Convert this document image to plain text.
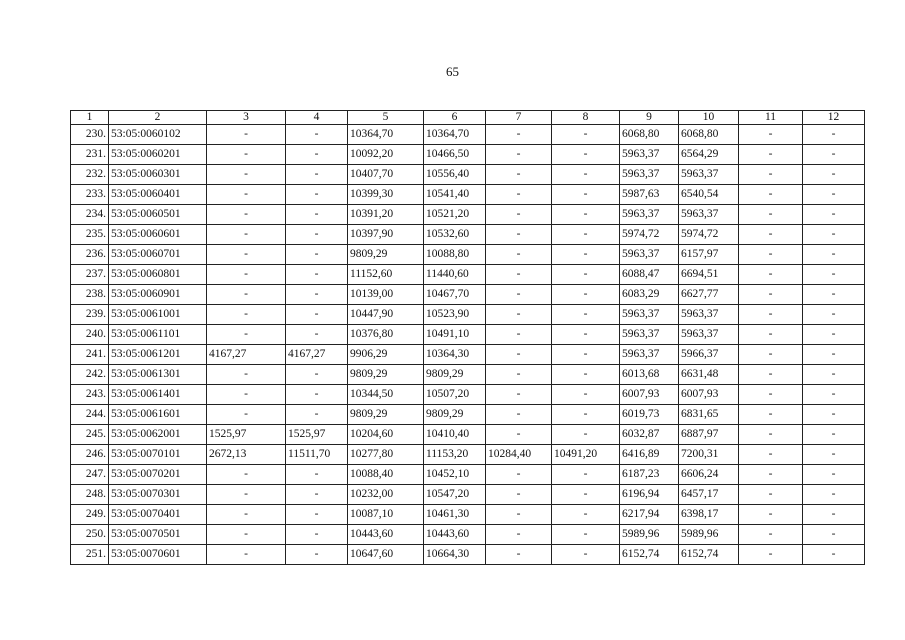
65
1	2	3	4	5	6	7	8	9	10	11	12
230.	53:05:0060102	-	-	10364,70	10364,70	-	-	6068,80	6068,80	-	-
231.	53:05:0060201	-	-	10092,20	10466,50	-	-	5963,37	6564,29	-	-
232.	53:05:0060301	-	-	10407,70	10556,40	-	-	5963,37	5963,37	-	-
233.	53:05:0060401	-	-	10399,30	10541,40	-	-	5987,63	6540,54	-	-
234.	53:05:0060501	-	-	10391,20	10521,20	-	-	5963,37	5963,37	-	-
235.	53:05:0060601	-	-	10397,90	10532,60	-	-	5974,72	5974,72	-	-
236.	53:05:0060701	-	-	9809,29	10088,80	-	-	5963,37	6157,97	-	-
237.	53:05:0060801	-	-	11152,60	11440,60	-	-	6088,47	6694,51	-	-
238.	53:05:0060901	-	-	10139,00	10467,70	-	-	6083,29	6627,77	-	-
239.	53:05:0061001	-	-	10447,90	10523,90	-	-	5963,37	5963,37	-	-
240.	53:05:0061101	-	-	10376,80	10491,10	-	-	5963,37	5963,37	-	-
241.	53:05:0061201	4167,27	4167,27	9906,29	10364,30	-	-	5963,37	5966,37	-	-
242.	53:05:0061301	-	-	9809,29	9809,29	-	-	6013,68	6631,48	-	-
243.	53:05:0061401	-	-	10344,50	10507,20	-	-	6007,93	6007,93	-	-
244.	53:05:0061601	-	-	9809,29	9809,29	-	-	6019,73	6831,65	-	-
245.	53:05:0062001	1525,97	1525,97	10204,60	10410,40	-	-	6032,87	6887,97	-	-
246.	53:05:0070101	2672,13	11511,70	10277,80	11153,20	10284,40	10491,20	6416,89	7200,31	-	-
247.	53:05:0070201	-	-	10088,40	10452,10	-	-	6187,23	6606,24	-	-
248.	53:05:0070301	-	-	10232,00	10547,20	-	-	6196,94	6457,17	-	-
249.	53:05:0070401	-	-	10087,10	10461,30	-	-	6217,94	6398,17	-	-
250.	53:05:0070501	-	-	10443,60	10443,60	-	-	5989,96	5989,96	-	-
251.	53:05:0070601	-	-	10647,60	10664,30	-	-	6152,74	6152,74	-	-
